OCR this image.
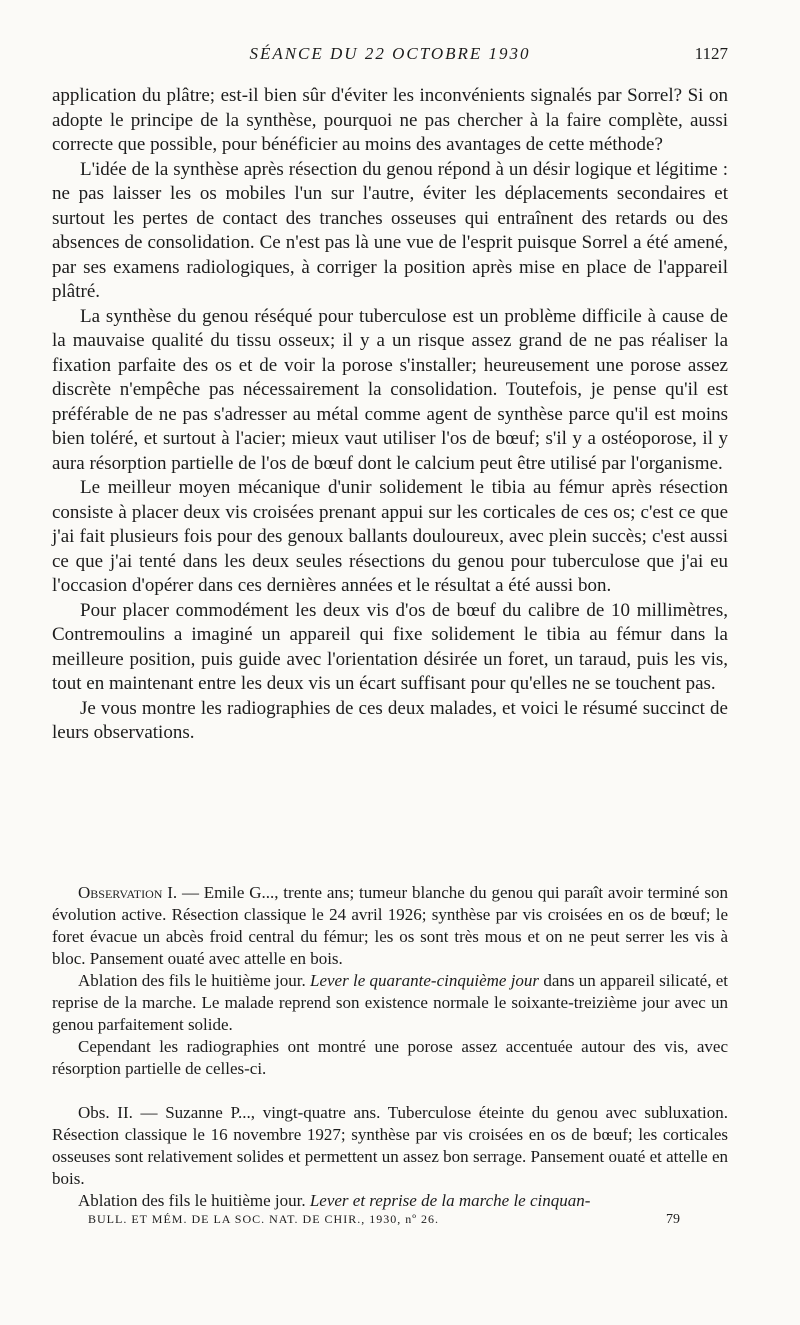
SÉANCE DU 22 OCTOBRE 1930	1127

application du plâtre; est-il bien sûr d'éviter les inconvénients signalés par Sorrel? Si on adopte le principe de la synthèse, pourquoi ne pas chercher à la faire complète, aussi correcte que possible, pour bénéficier au moins des avantages de cette méthode?

L'idée de la synthèse après résection du genou répond à un désir logique et légitime : ne pas laisser les os mobiles l'un sur l'autre, éviter les déplacements secondaires et surtout les pertes de contact des tranches osseuses qui entraînent des retards ou des absences de consolidation. Ce n'est pas là une vue de l'esprit puisque Sorrel a été amené, par ses examens radiologiques, à corriger la position après mise en place de l'appareil plâtré.

La synthèse du genou réséqué pour tuberculose est un problème difficile à cause de la mauvaise qualité du tissu osseux; il y a un risque assez grand de ne pas réaliser la fixation parfaite des os et de voir la porose s'installer; heureusement une porose assez discrète n'empêche pas nécessairement la consolidation. Toutefois, je pense qu'il est préférable de ne pas s'adresser au métal comme agent de synthèse parce qu'il est moins bien toléré, et surtout à l'acier; mieux vaut utiliser l'os de bœuf; s'il y a ostéoporose, il y aura résorption partielle de l'os de bœuf dont le calcium peut être utilisé par l'organisme.

Le meilleur moyen mécanique d'unir solidement le tibia au fémur après résection consiste à placer deux vis croisées prenant appui sur les corticales de ces os; c'est ce que j'ai fait plusieurs fois pour des genoux ballants douloureux, avec plein succès; c'est aussi ce que j'ai tenté dans les deux seules résections du genou pour tuberculose que j'ai eu l'occasion d'opérer dans ces dernières années et le résultat a été aussi bon.

Pour placer commodément les deux vis d'os de bœuf du calibre de 10 millimètres, Contremoulins a imaginé un appareil qui fixe solidement le tibia au fémur dans la meilleure position, puis guide avec l'orientation désirée un foret, un taraud, puis les vis, tout en maintenant entre les deux vis un écart suffisant pour qu'elles ne se touchent pas.

Je vous montre les radiographies de ces deux malades, et voici le résumé succinct de leurs observations.

Observation I. — Emile G..., trente ans; tumeur blanche du genou qui paraît avoir terminé son évolution active. Résection classique le 24 avril 1926; synthèse par vis croisées en os de bœuf; le foret évacue un abcès froid central du fémur; les os sont très mous et on ne peut serrer les vis à bloc. Pansement ouaté avec attelle en bois.

Ablation des fils le huitième jour. Lever le quarante-cinquième jour dans un appareil silicaté, et reprise de la marche. Le malade reprend son existence normale le soixante-treizième jour avec un genou parfaitement solide.

Cependant les radiographies ont montré une porose assez accentuée autour des vis, avec résorption partielle de celles-ci.

Obs. II. — Suzanne P..., vingt-quatre ans. Tuberculose éteinte du genou avec subluxation. Résection classique le 16 novembre 1927; synthèse par vis croisées en os de bœuf; les corticales osseuses sont relativement solides et permettent un assez bon serrage. Pansement ouaté et attelle en bois.

Ablation des fils le huitième jour. Lever et reprise de la marche le cinquan-

BULL. ET MÉM. DE LA SOC. NAT. DE CHIR., 1930, nº 26.	79
